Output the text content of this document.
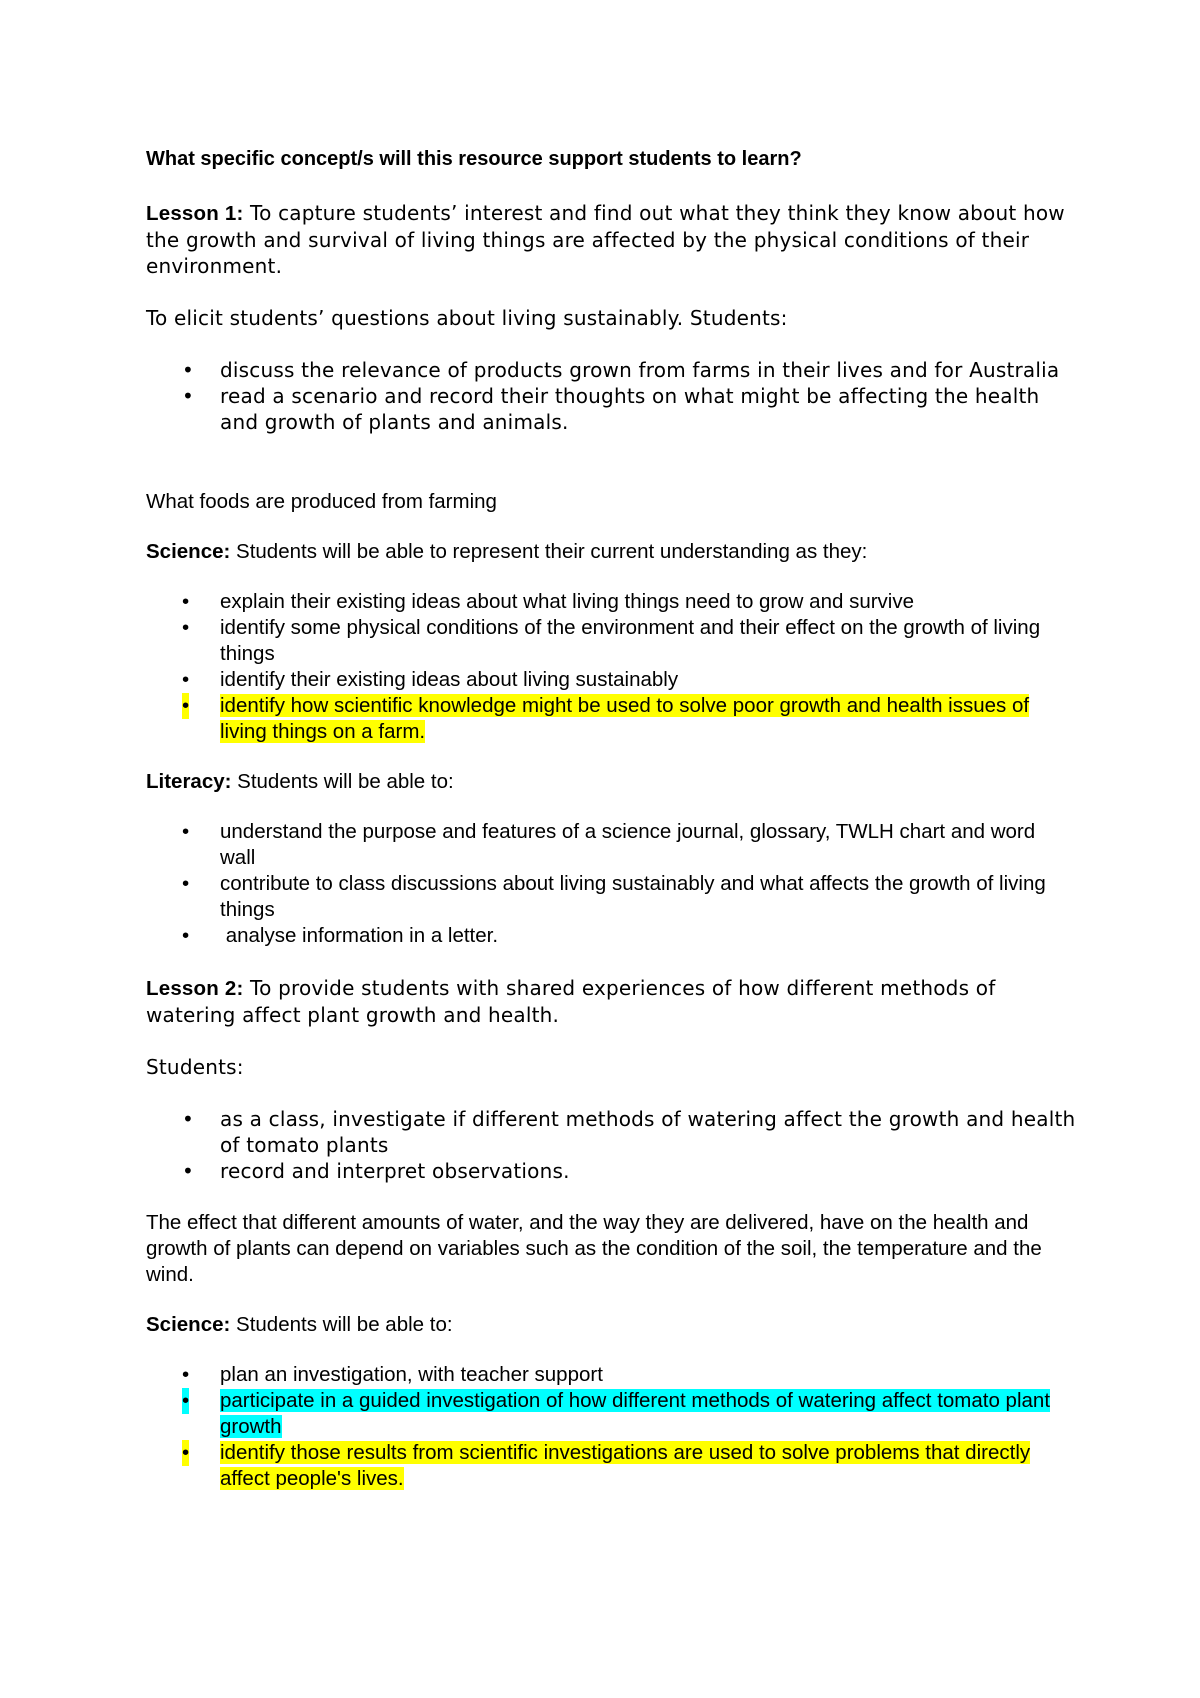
What specific concept/s will this resource support students to learn?

Lesson 1: To capture students’ interest and find out what they think they know about how the growth and survival of living things are affected by the physical conditions of their environment.

To elicit students’ questions about living sustainably. Students:

• discuss the relevance of products grown from farms in their lives and for Australia
• read a scenario and record their thoughts on what might be affecting the health and growth of plants and animals.

What foods are produced from farming

Science: Students will be able to represent their current understanding as they:

• explain their existing ideas about what living things need to grow and survive
• identify some physical conditions of the environment and their effect on the growth of living things
• identify their existing ideas about living sustainably
• identify how scientific knowledge might be used to solve poor growth and health issues of living things on a farm.

Literacy: Students will be able to:

• understand the purpose and features of a science journal, glossary, TWLH chart and word wall
• contribute to class discussions about living sustainably and what affects the growth of living things
• analyse information in a letter.

Lesson 2: To provide students with shared experiences of how different methods of watering affect plant growth and health.

Students:

• as a class, investigate if different methods of watering affect the growth and health of tomato plants
• record and interpret observations.

The effect that different amounts of water, and the way they are delivered, have on the health and growth of plants can depend on variables such as the condition of the soil, the temperature and the wind.

Science: Students will be able to:

• plan an investigation, with teacher support
• participate in a guided investigation of how different methods of watering affect tomato plant growth
• identify those results from scientific investigations are used to solve problems that directly affect people's lives.
